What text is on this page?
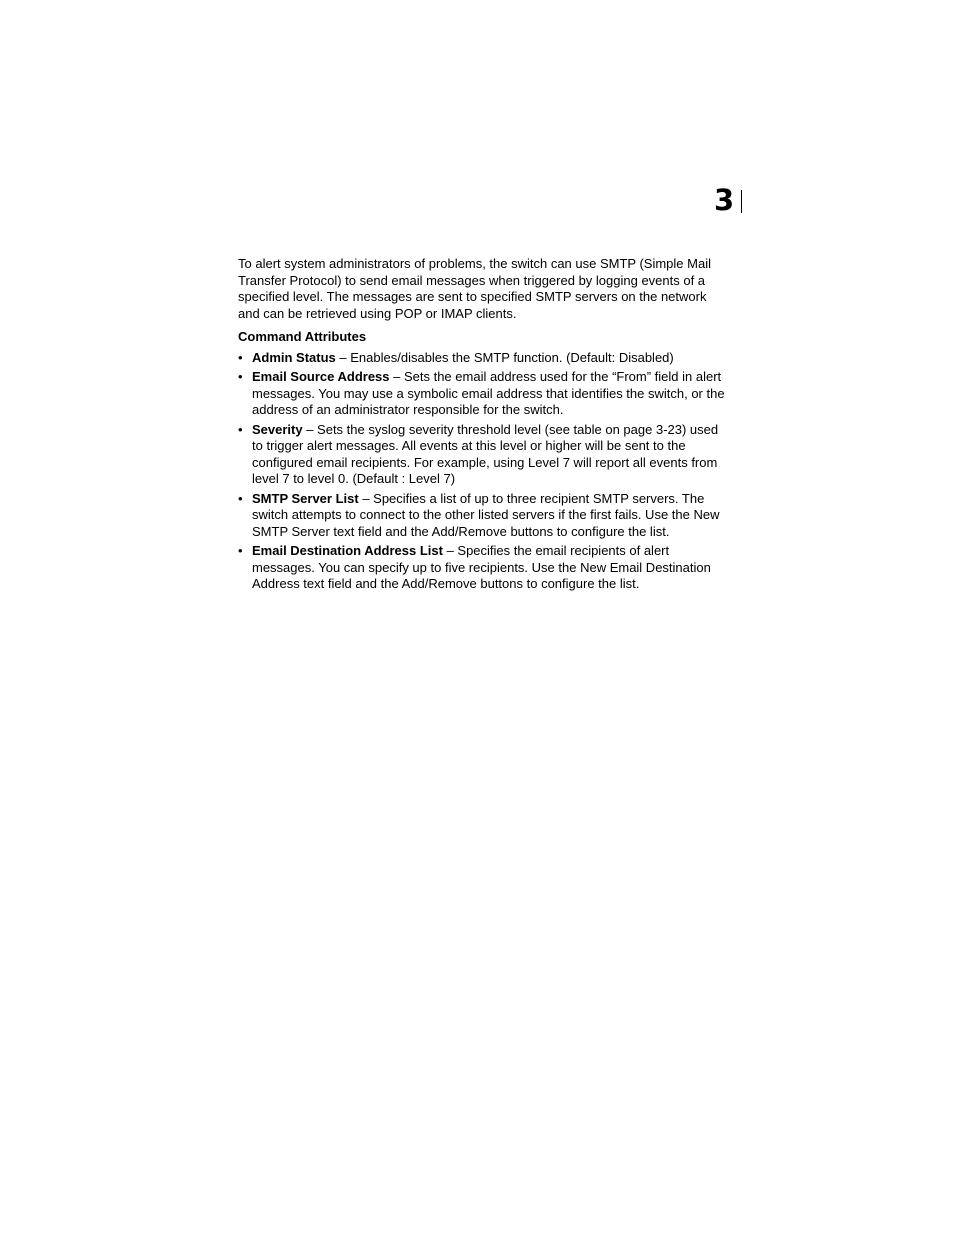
3

To alert system administrators of problems, the switch can use SMTP (Simple Mail Transfer Protocol) to send email messages when triggered by logging events of a specified level. The messages are sent to specified SMTP servers on the network and can be retrieved using POP or IMAP clients.

Command Attributes

• Admin Status – Enables/disables the SMTP function. (Default: Disabled)
• Email Source Address – Sets the email address used for the “From” field in alert messages. You may use a symbolic email address that identifies the switch, or the address of an administrator responsible for the switch.
• Severity – Sets the syslog severity threshold level (see table on page 3-23) used to trigger alert messages. All events at this level or higher will be sent to the configured email recipients. For example, using Level 7 will report all events from level 7 to level 0. (Default : Level 7)
• SMTP Server List – Specifies a list of up to three recipient SMTP servers. The switch attempts to connect to the other listed servers if the first fails. Use the New SMTP Server text field and the Add/Remove buttons to configure the list.
• Email Destination Address List – Specifies the email recipients of alert messages. You can specify up to five recipients. Use the New Email Destination Address text field and the Add/Remove buttons to configure the list.
